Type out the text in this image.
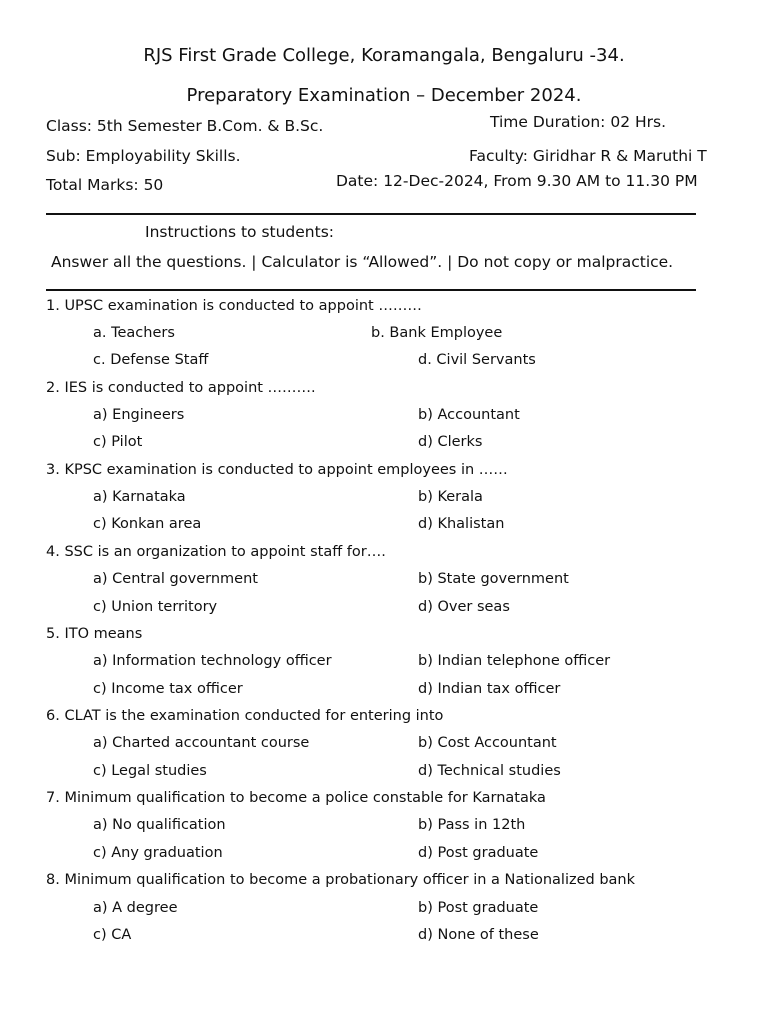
RJS First Grade College, Koramangala, Bengaluru -34.
Preparatory Examination – December 2024.
Class: 5th Semester B.Com. & B.Sc.	Time Duration: 02 Hrs.
Sub: Employability Skills.	Faculty: Giridhar R & Maruthi T
Total Marks: 50	Date: 12-Dec-2024, From 9.30 AM to 11.30 PM
Instructions to students:
Answer all the questions. | Calculator is “Allowed”. | Do not copy or malpractice.
1. UPSC examination is conducted to appoint ………
a. Teachers	b. Bank Employee
c. Defense Staff	d. Civil Servants
2. IES is conducted to appoint ……….
a) Engineers	b) Accountant
c) Pilot	d) Clerks
3. KPSC examination is conducted to appoint employees in ……
a) Karnataka	b) Kerala
c) Konkan area	d) Khalistan
4. SSC is an organization to appoint staff for….
a) Central government	b) State government
c) Union territory	d) Over seas
5. ITO means
a) Information technology officer	b) Indian telephone officer
c) Income tax officer	d) Indian tax officer
6. CLAT is the examination conducted for entering into
a) Charted accountant course	b) Cost Accountant
c) Legal studies	d) Technical studies
7. Minimum qualification to become a police constable for Karnataka
a) No qualification	b) Pass in 12th
c) Any graduation	d) Post graduate
8. Minimum qualification to become a probationary officer in a Nationalized bank
a) A degree	b) Post graduate
c) CA	d) None of these
